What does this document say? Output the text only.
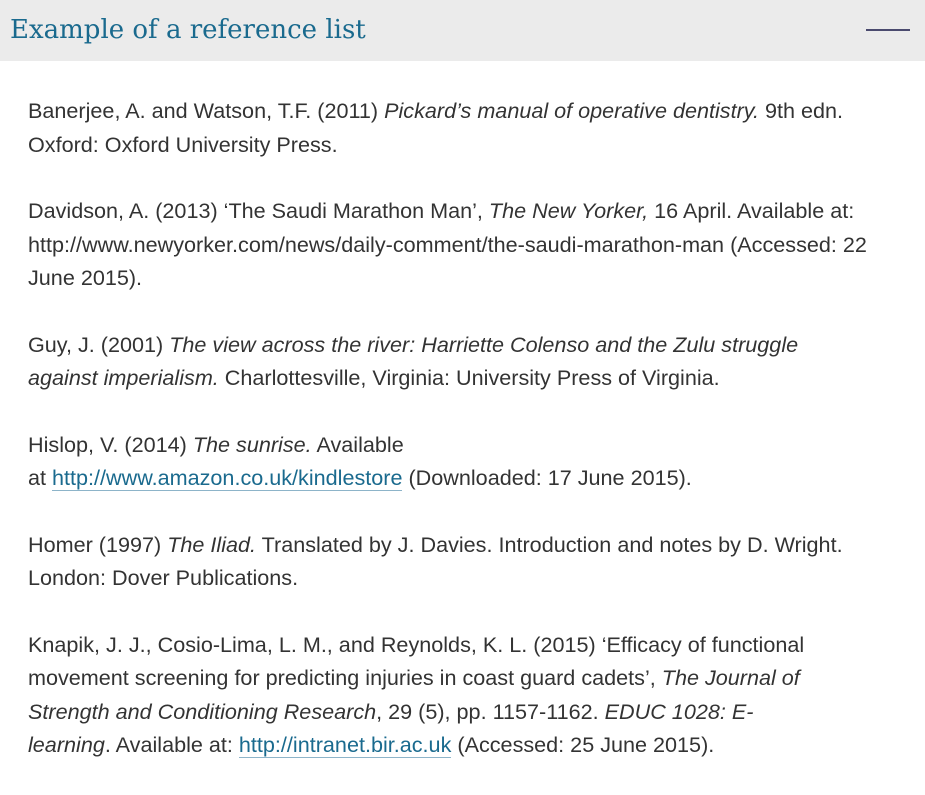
Example of a reference list

Banerjee, A. and Watson, T.F. (2011) Pickard’s manual of operative dentistry. 9th edn.
Oxford: Oxford University Press.

Davidson, A. (2013) ‘The Saudi Marathon Man’, The New Yorker, 16 April. Available at:
http://www.newyorker.com/news/daily-comment/the-saudi-marathon-man (Accessed: 22
June 2015).

Guy, J. (2001) The view across the river: Harriette Colenso and the Zulu struggle
against imperialism. Charlottesville, Virginia: University Press of Virginia.

Hislop, V. (2014) The sunrise. Available
at http://www.amazon.co.uk/kindlestore (Downloaded: 17 June 2015).

Homer (1997) The Iliad. Translated by J. Davies. Introduction and notes by D. Wright.
London: Dover Publications.

Knapik, J. J., Cosio-Lima, L. M., and Reynolds, K. L. (2015) ‘Efficacy of functional
movement screening for predicting injuries in coast guard cadets’, The Journal of
Strength and Conditioning Research, 29 (5), pp. 1157-1162. EDUC 1028: E-
learning. Available at: http://intranet.bir.ac.uk (Accessed: 25 June 2015).
